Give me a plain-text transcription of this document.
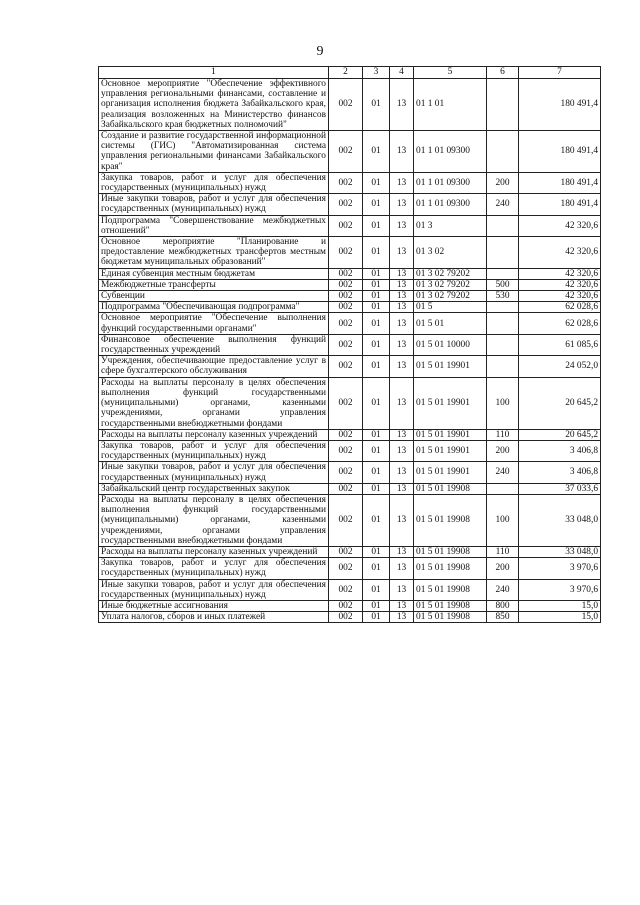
9
1	2	3	4	5	6	7
Основное мероприятие "Обеспечение эффективного управления региональными финансами, составление и организация исполнения бюджета Забайкальского края, реализация возложенных на Министерство финансов Забайкальского края бюджетных полномочий"	002	01	13	01 1 01		180 491,4
Создание и развитие государственной информационной системы (ГИС) "Автоматизированная система управления региональными финансами Забайкальского края"	002	01	13	01 1 01 09300		180 491,4
Закупка товаров, работ и услуг для обеспечения государственных (муниципальных) нужд	002	01	13	01 1 01 09300	200	180 491,4
Иные закупки товаров, работ и услуг для обеспечения государственных (муниципальных) нужд	002	01	13	01 1 01 09300	240	180 491,4
Подпрограмма "Совершенствование межбюджетных отношений"	002	01	13	01 3		42 320,6
Основное мероприятие "Планирование и предоставление межбюджетных трансфертов местным бюджетам муниципальных образований"	002	01	13	01 3 02		42 320,6
Единая субвенция местным бюджетам	002	01	13	01 3 02 79202		42 320,6
Межбюджетные трансферты	002	01	13	01 3 02 79202	500	42 320,6
Субвенции	002	01	13	01 3 02 79202	530	42 320,6
Подпрограмма "Обеспечивающая подпрограмма"	002	01	13	01 5		62 028,6
Основное мероприятие "Обеспечение выполнения функций государственными органами"	002	01	13	01 5 01		62 028,6
Финансовое обеспечение выполнения функций государственных учреждений	002	01	13	01 5 01 10000		61 085,6
Учреждения, обеспечивающие предоставление услуг в сфере бухгалтерского обслуживания	002	01	13	01 5 01 19901		24 052,0
Расходы на выплаты персоналу в целях обеспечения выполнения функций государственными (муниципальными) органами, казенными учреждениями, органами управления государственными внебюджетными фондами	002	01	13	01 5 01 19901	100	20 645,2
Расходы на выплаты персоналу казенных учреждений	002	01	13	01 5 01 19901	110	20 645,2
Закупка товаров, работ и услуг для обеспечения государственных (муниципальных) нужд	002	01	13	01 5 01 19901	200	3 406,8
Иные закупки товаров, работ и услуг для обеспечения государственных (муниципальных) нужд	002	01	13	01 5 01 19901	240	3 406,8
Забайкальский центр государственных закупок	002	01	13	01 5 01 19908		37 033,6
Расходы на выплаты персоналу в целях обеспечения выполнения функций государственными (муниципальными) органами, казенными учреждениями, органами управления государственными внебюджетными фондами	002	01	13	01 5 01 19908	100	33 048,0
Расходы на выплаты персоналу казенных учреждений	002	01	13	01 5 01 19908	110	33 048,0
Закупка товаров, работ и услуг для обеспечения государственных (муниципальных) нужд	002	01	13	01 5 01 19908	200	3 970,6
Иные закупки товаров, работ и услуг для обеспечения государственных (муниципальных) нужд	002	01	13	01 5 01 19908	240	3 970,6
Иные бюджетные ассигнования	002	01	13	01 5 01 19908	800	15,0
Уплата налогов, сборов и иных платежей	002	01	13	01 5 01 19908	850	15,0
